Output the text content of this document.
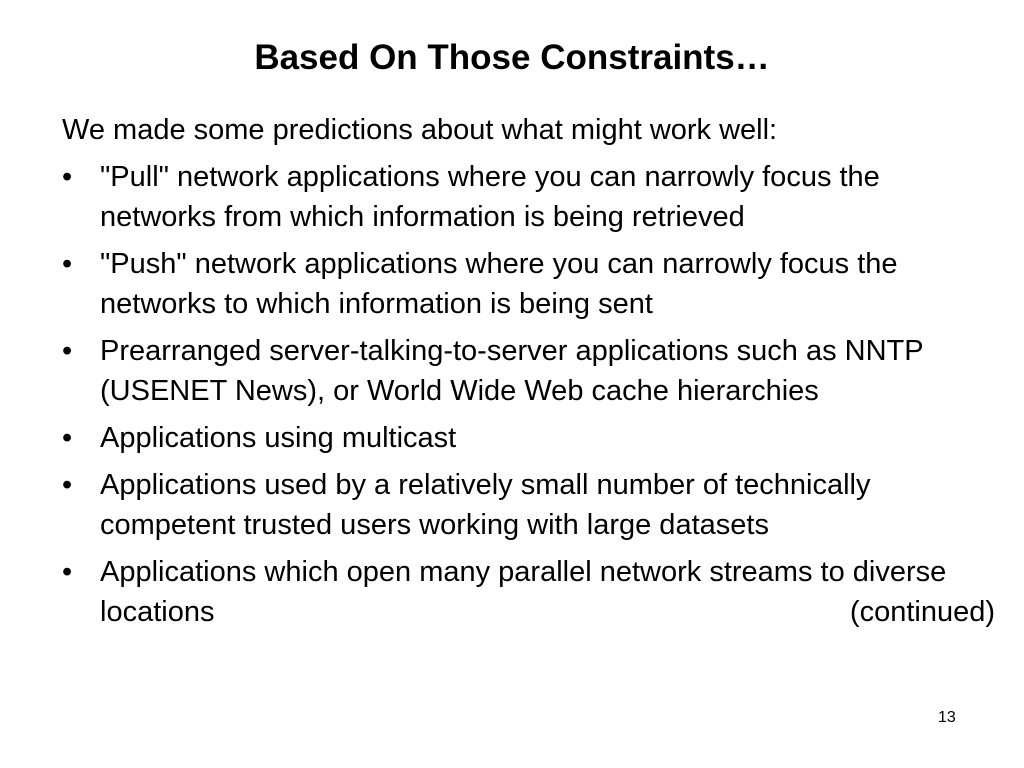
Based On Those Constraints…

We made some predictions about what might work well:

• "Pull" network applications where you can narrowly focus the networks from which information is being retrieved
• "Push" network applications where you can narrowly focus the networks to which information is being sent
• Prearranged server-talking-to-server applications such as NNTP (USENET News), or World Wide Web cache hierarchies
• Applications using multicast
• Applications used by a relatively small number of technically competent trusted users working with large datasets
• Applications which open many parallel network streams to diverse locations	(continued)
13
